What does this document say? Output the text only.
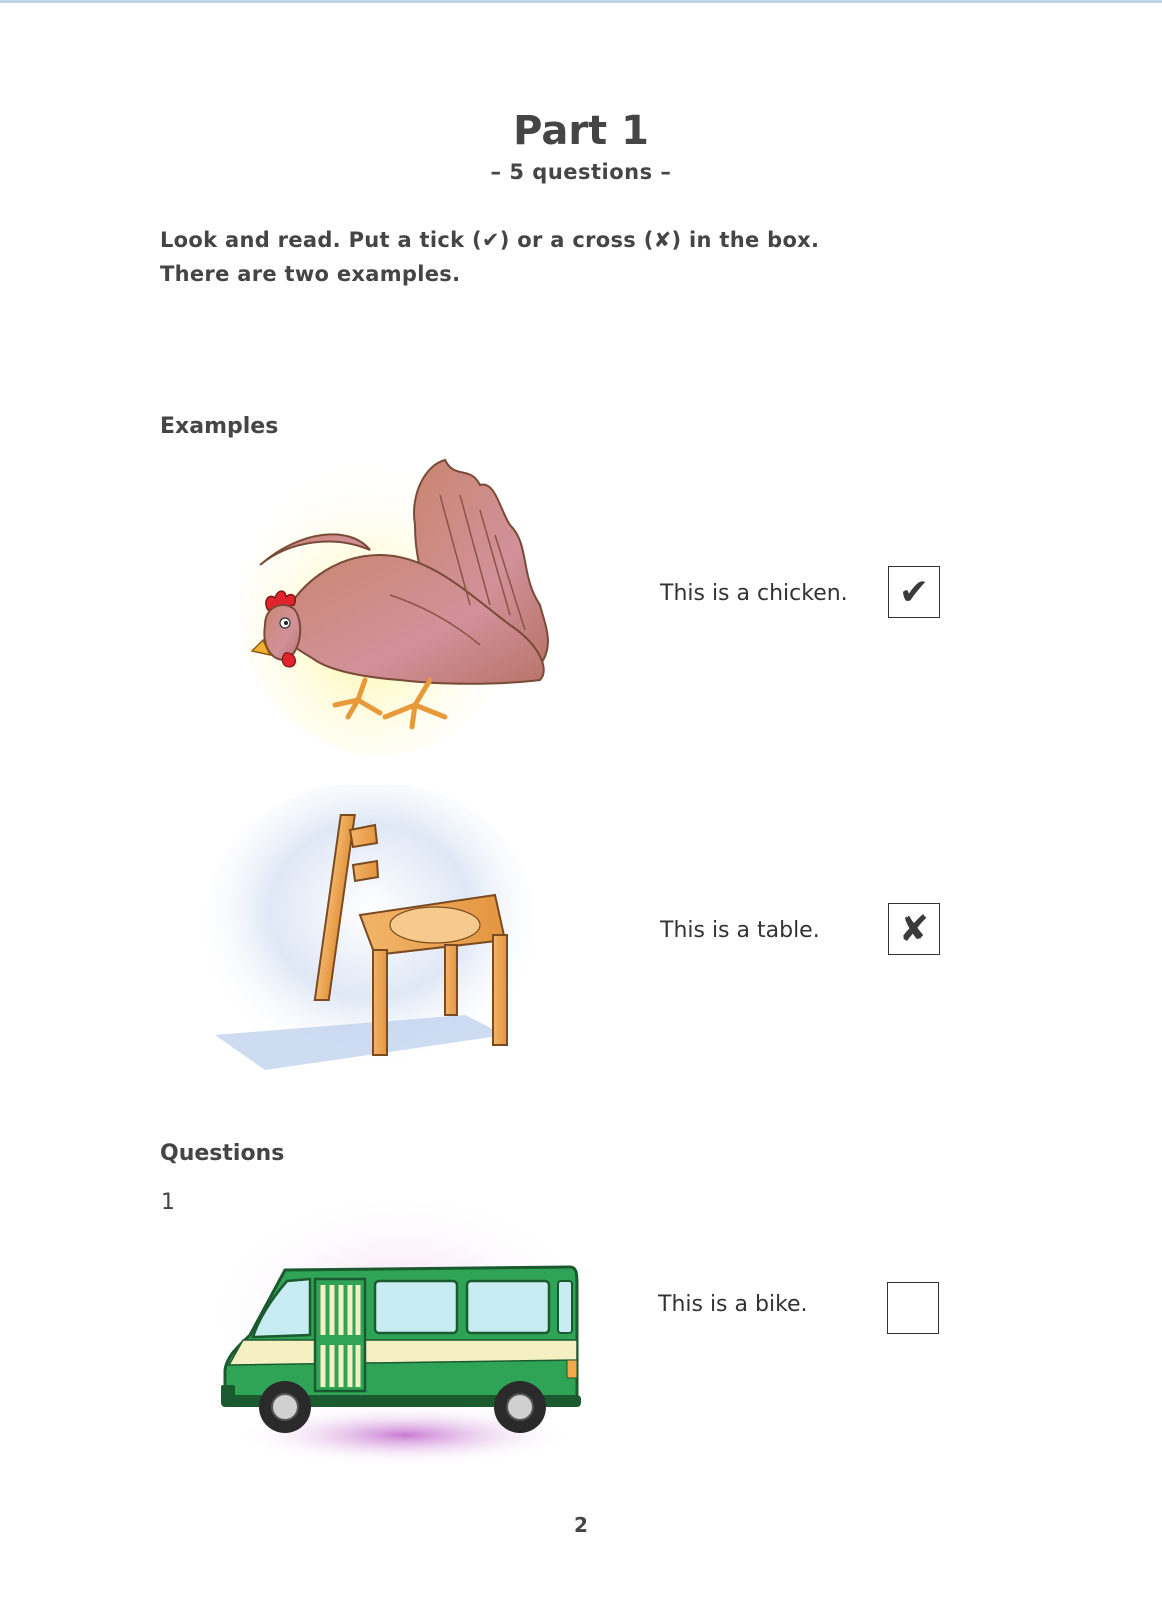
Part 1
– 5 questions –
Look and read. Put a tick (✔) or a cross (✘) in the box.
There are two examples.
Examples
This is a chicken. ✔
This is a table. ✘
Questions
1
This is a bike.
2
